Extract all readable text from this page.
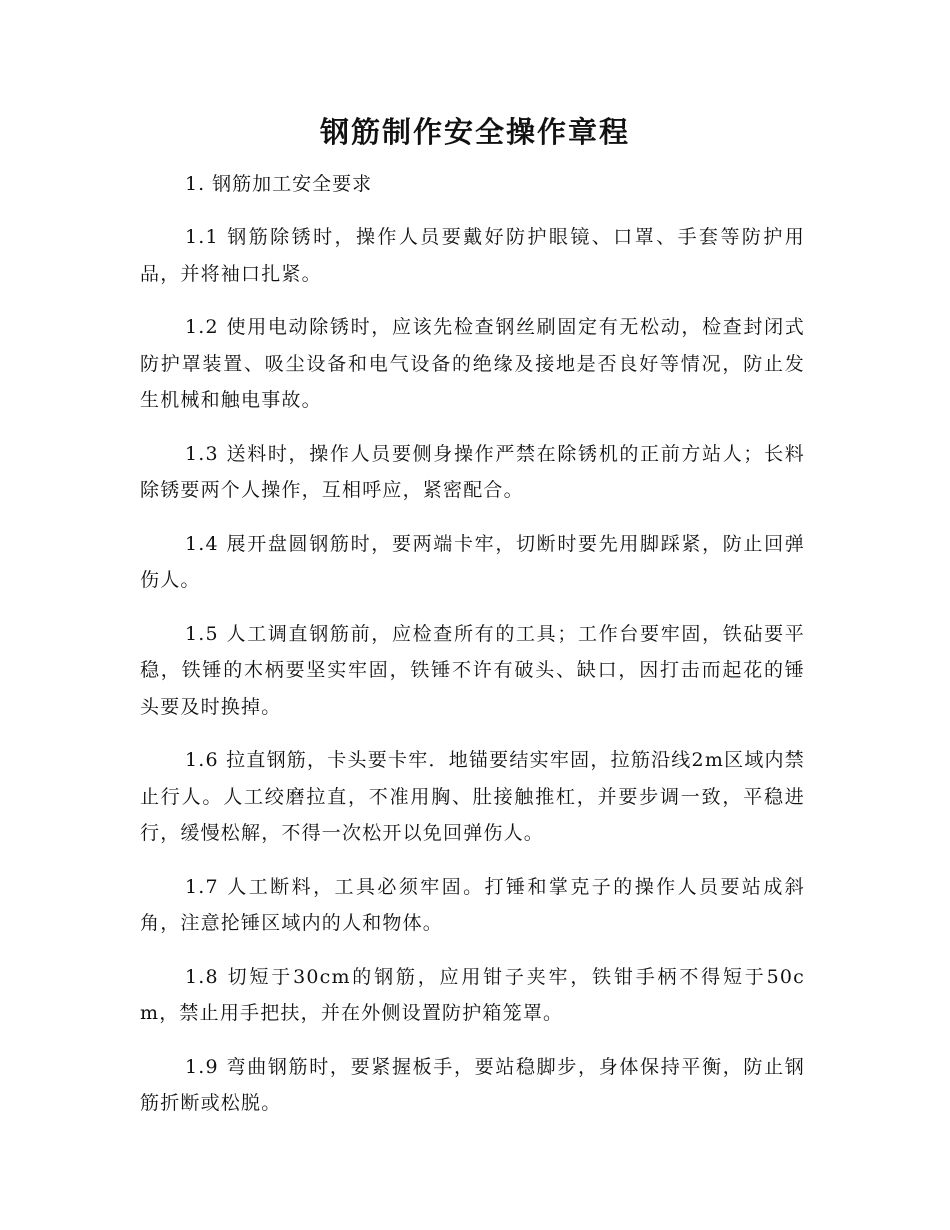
钢筋制作安全操作章程

1. 钢筋加工安全要求

1.1 钢筋除锈时，操作人员要戴好防护眼镜、口罩、手套等防护用品，并将袖口扎紧。

1.2 使用电动除锈时，应该先检查钢丝刷固定有无松动，检查封闭式防护罩装置、吸尘设备和电气设备的绝缘及接地是否良好等情况，防止发生机械和触电事故。

1.3 送料时，操作人员要侧身操作严禁在除锈机的正前方站人；长料除锈要两个人操作，互相呼应，紧密配合。

1.4 展开盘圆钢筋时，要两端卡牢，切断时要先用脚踩紧，防止回弹伤人。

1.5 人工调直钢筋前，应检查所有的工具；工作台要牢固，铁砧要平稳，铁锤的木柄要坚实牢固，铁锤不许有破头、缺口，因打击而起花的锤头要及时换掉。

1.6 拉直钢筋，卡头要卡牢．地锚要结实牢固，拉筋沿线2m区域内禁止行人。人工绞磨拉直，不准用胸、肚接触推杠，并要步调一致，平稳进行，缓慢松解，不得一次松开以免回弹伤人。

1.7 人工断料，工具必须牢固。打锤和掌克子的操作人员要站成斜角，注意抡锤区域内的人和物体。

1.8 切短于30cm的钢筋，应用钳子夹牢，铁钳手柄不得短于50cm，禁止用手把扶，并在外侧设置防护箱笼罩。

1.9 弯曲钢筋时，要紧握板手，要站稳脚步，身体保持平衡，防止钢筋折断或松脱。
